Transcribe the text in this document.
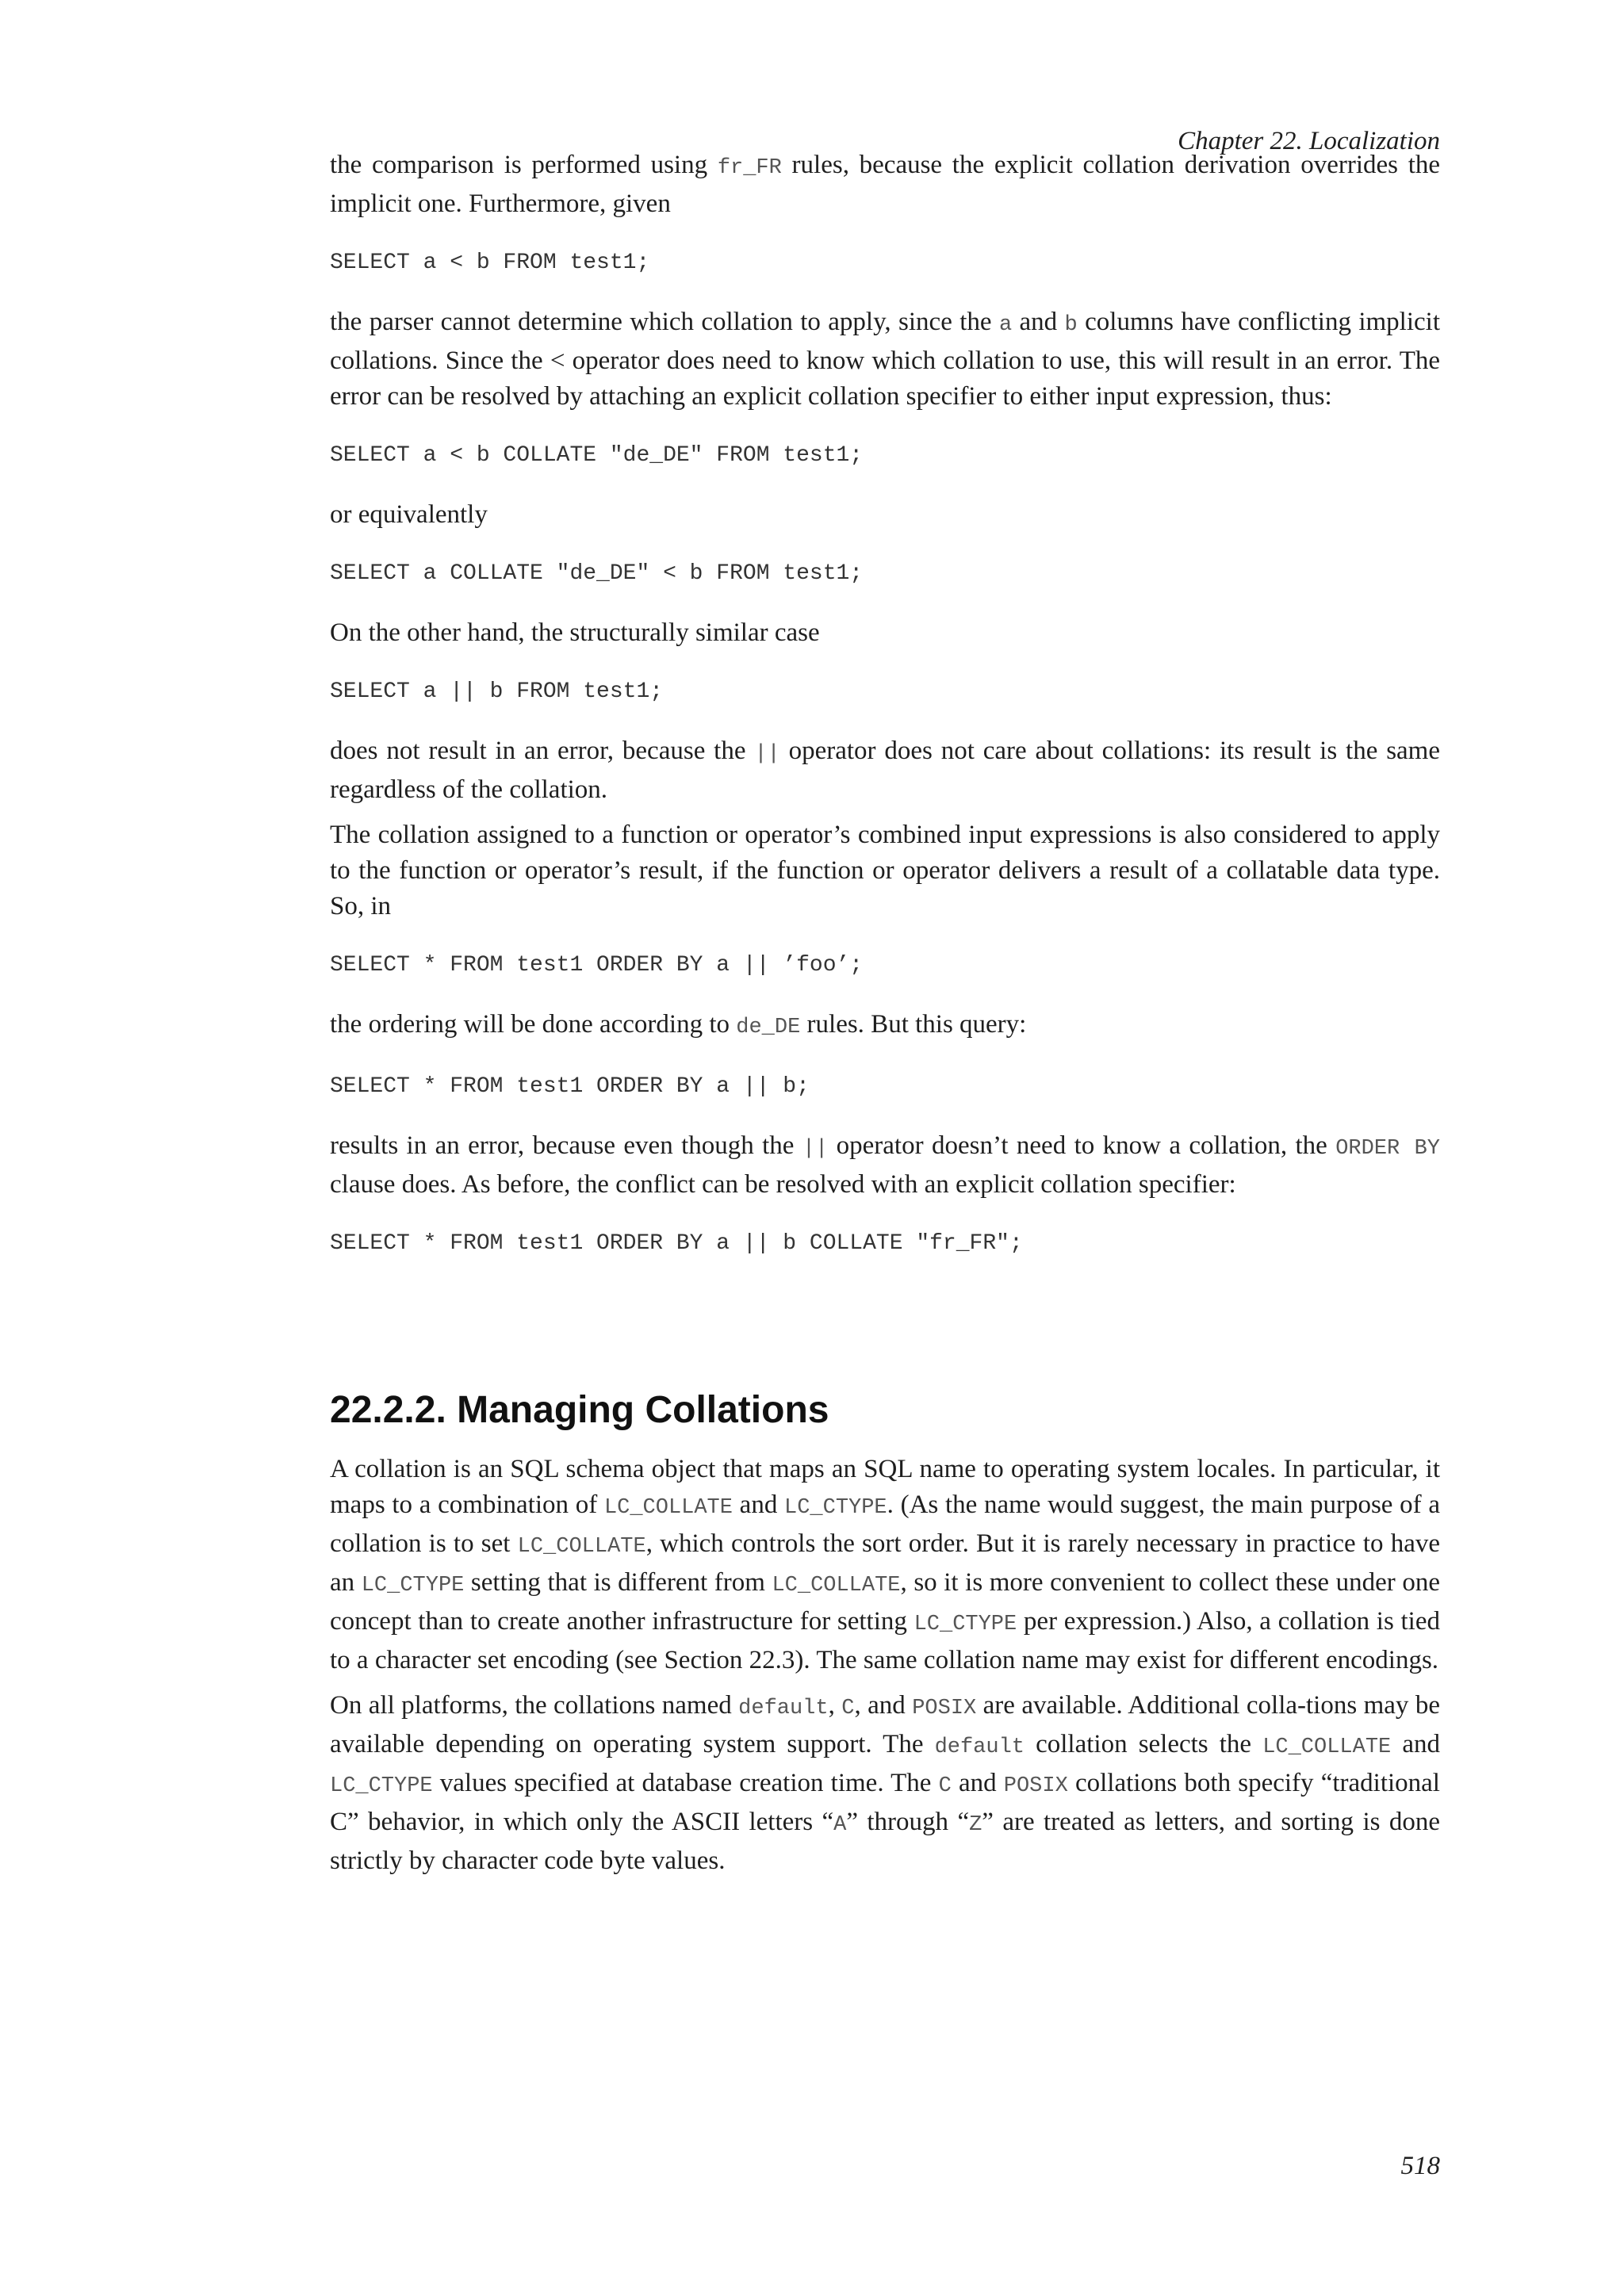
Chapter 22. Localization

the comparison is performed using fr_FR rules, because the explicit collation derivation overrides the implicit one. Furthermore, given

SELECT a < b FROM test1;

the parser cannot determine which collation to apply, since the a and b columns have conflicting implicit collations. Since the < operator does need to know which collation to use, this will result in an error. The error can be resolved by attaching an explicit collation specifier to either input expression, thus:

SELECT a < b COLLATE "de_DE" FROM test1;

or equivalently

SELECT a COLLATE "de_DE" < b FROM test1;

On the other hand, the structurally similar case

SELECT a || b FROM test1;

does not result in an error, because the || operator does not care about collations: its result is the same regardless of the collation.

The collation assigned to a function or operator’s combined input expressions is also considered to apply to the function or operator’s result, if the function or operator delivers a result of a collatable data type. So, in

SELECT * FROM test1 ORDER BY a || ’foo’;

the ordering will be done according to de_DE rules. But this query:

SELECT * FROM test1 ORDER BY a || b;

results in an error, because even though the || operator doesn’t need to know a collation, the ORDER BY clause does. As before, the conflict can be resolved with an explicit collation specifier:

SELECT * FROM test1 ORDER BY a || b COLLATE "fr_FR";
22.2.2. Managing Collations

A collation is an SQL schema object that maps an SQL name to operating system locales. In particular, it maps to a combination of LC_COLLATE and LC_CTYPE. (As the name would suggest, the main purpose of a collation is to set LC_COLLATE, which controls the sort order. But it is rarely necessary in practice to have an LC_CTYPE setting that is different from LC_COLLATE, so it is more convenient to collect these under one concept than to create another infrastructure for setting LC_CTYPE per expression.) Also, a collation is tied to a character set encoding (see Section 22.3). The same collation name may exist for different encodings.

On all platforms, the collations named default, C, and POSIX are available. Additional colla-tions may be available depending on operating system support. The default collation selects the LC_COLLATE and LC_CTYPE values specified at database creation time. The C and POSIX collations both specify “traditional C” behavior, in which only the ASCII letters “A” through “Z” are treated as letters, and sorting is done strictly by character code byte values.

518
